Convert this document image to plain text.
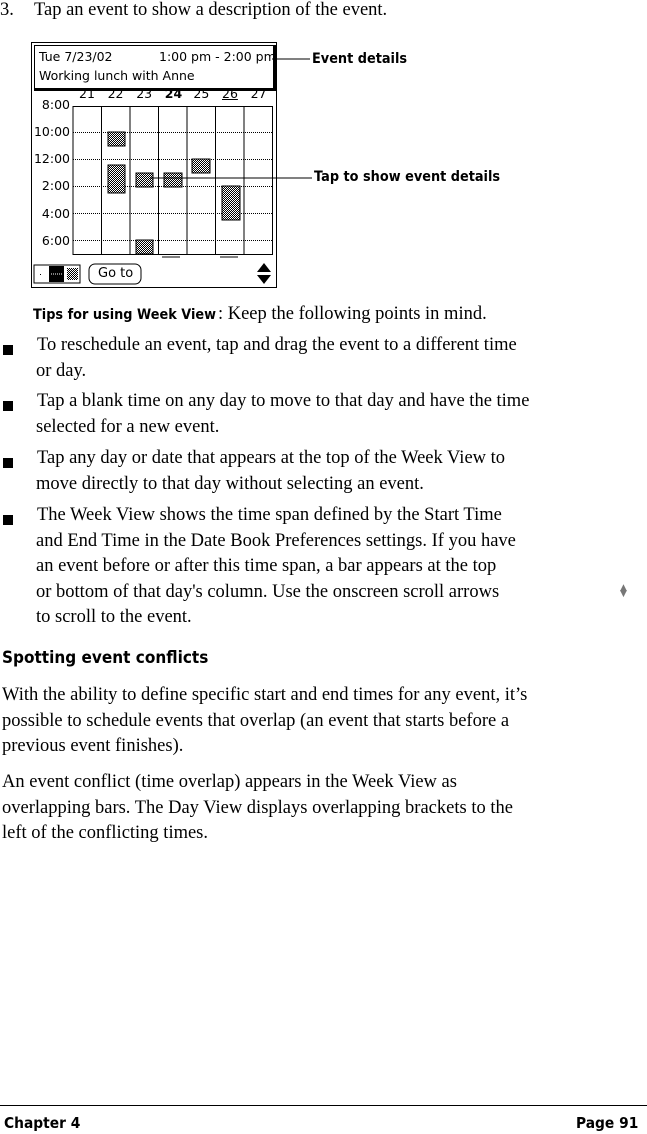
3. Tap an event to show a description of the event.
Tue 7/23/02	1:00 pm - 2:00 pm
Working lunch with Anne
Go to
21 22 23 24 25 26 27
8:00
10:00
12:00
2:00
4:00
6:00
Event details
Tap to show event details
Tips for using Week View : Keep the following points in mind.
To reschedule an event, tap and drag the event to a different time
or day.
Tap a blank time on any day to move to that day and have the time
selected for a new event.
Tap any day or date that appears at the top of the Week View to
move directly to that day without selecting an event.
The Week View shows the time span defined by the Start Time
and End Time in the Date Book Preferences settings. If you have
an event before or after this time span, a bar appears at the top
or bottom of that day's column. Use the onscreen scroll arrows
to scroll to the event.
▲
▼
Spotting event conflicts
With the ability to define specific start and end times for any event, it’s
possible to schedule events that overlap (an event that starts before a
previous event finishes).
An event conflict (time overlap) appears in the Week View as
overlapping bars. The Day View displays overlapping brackets to the
left of the conflicting times.
Chapter 4	Page 91
